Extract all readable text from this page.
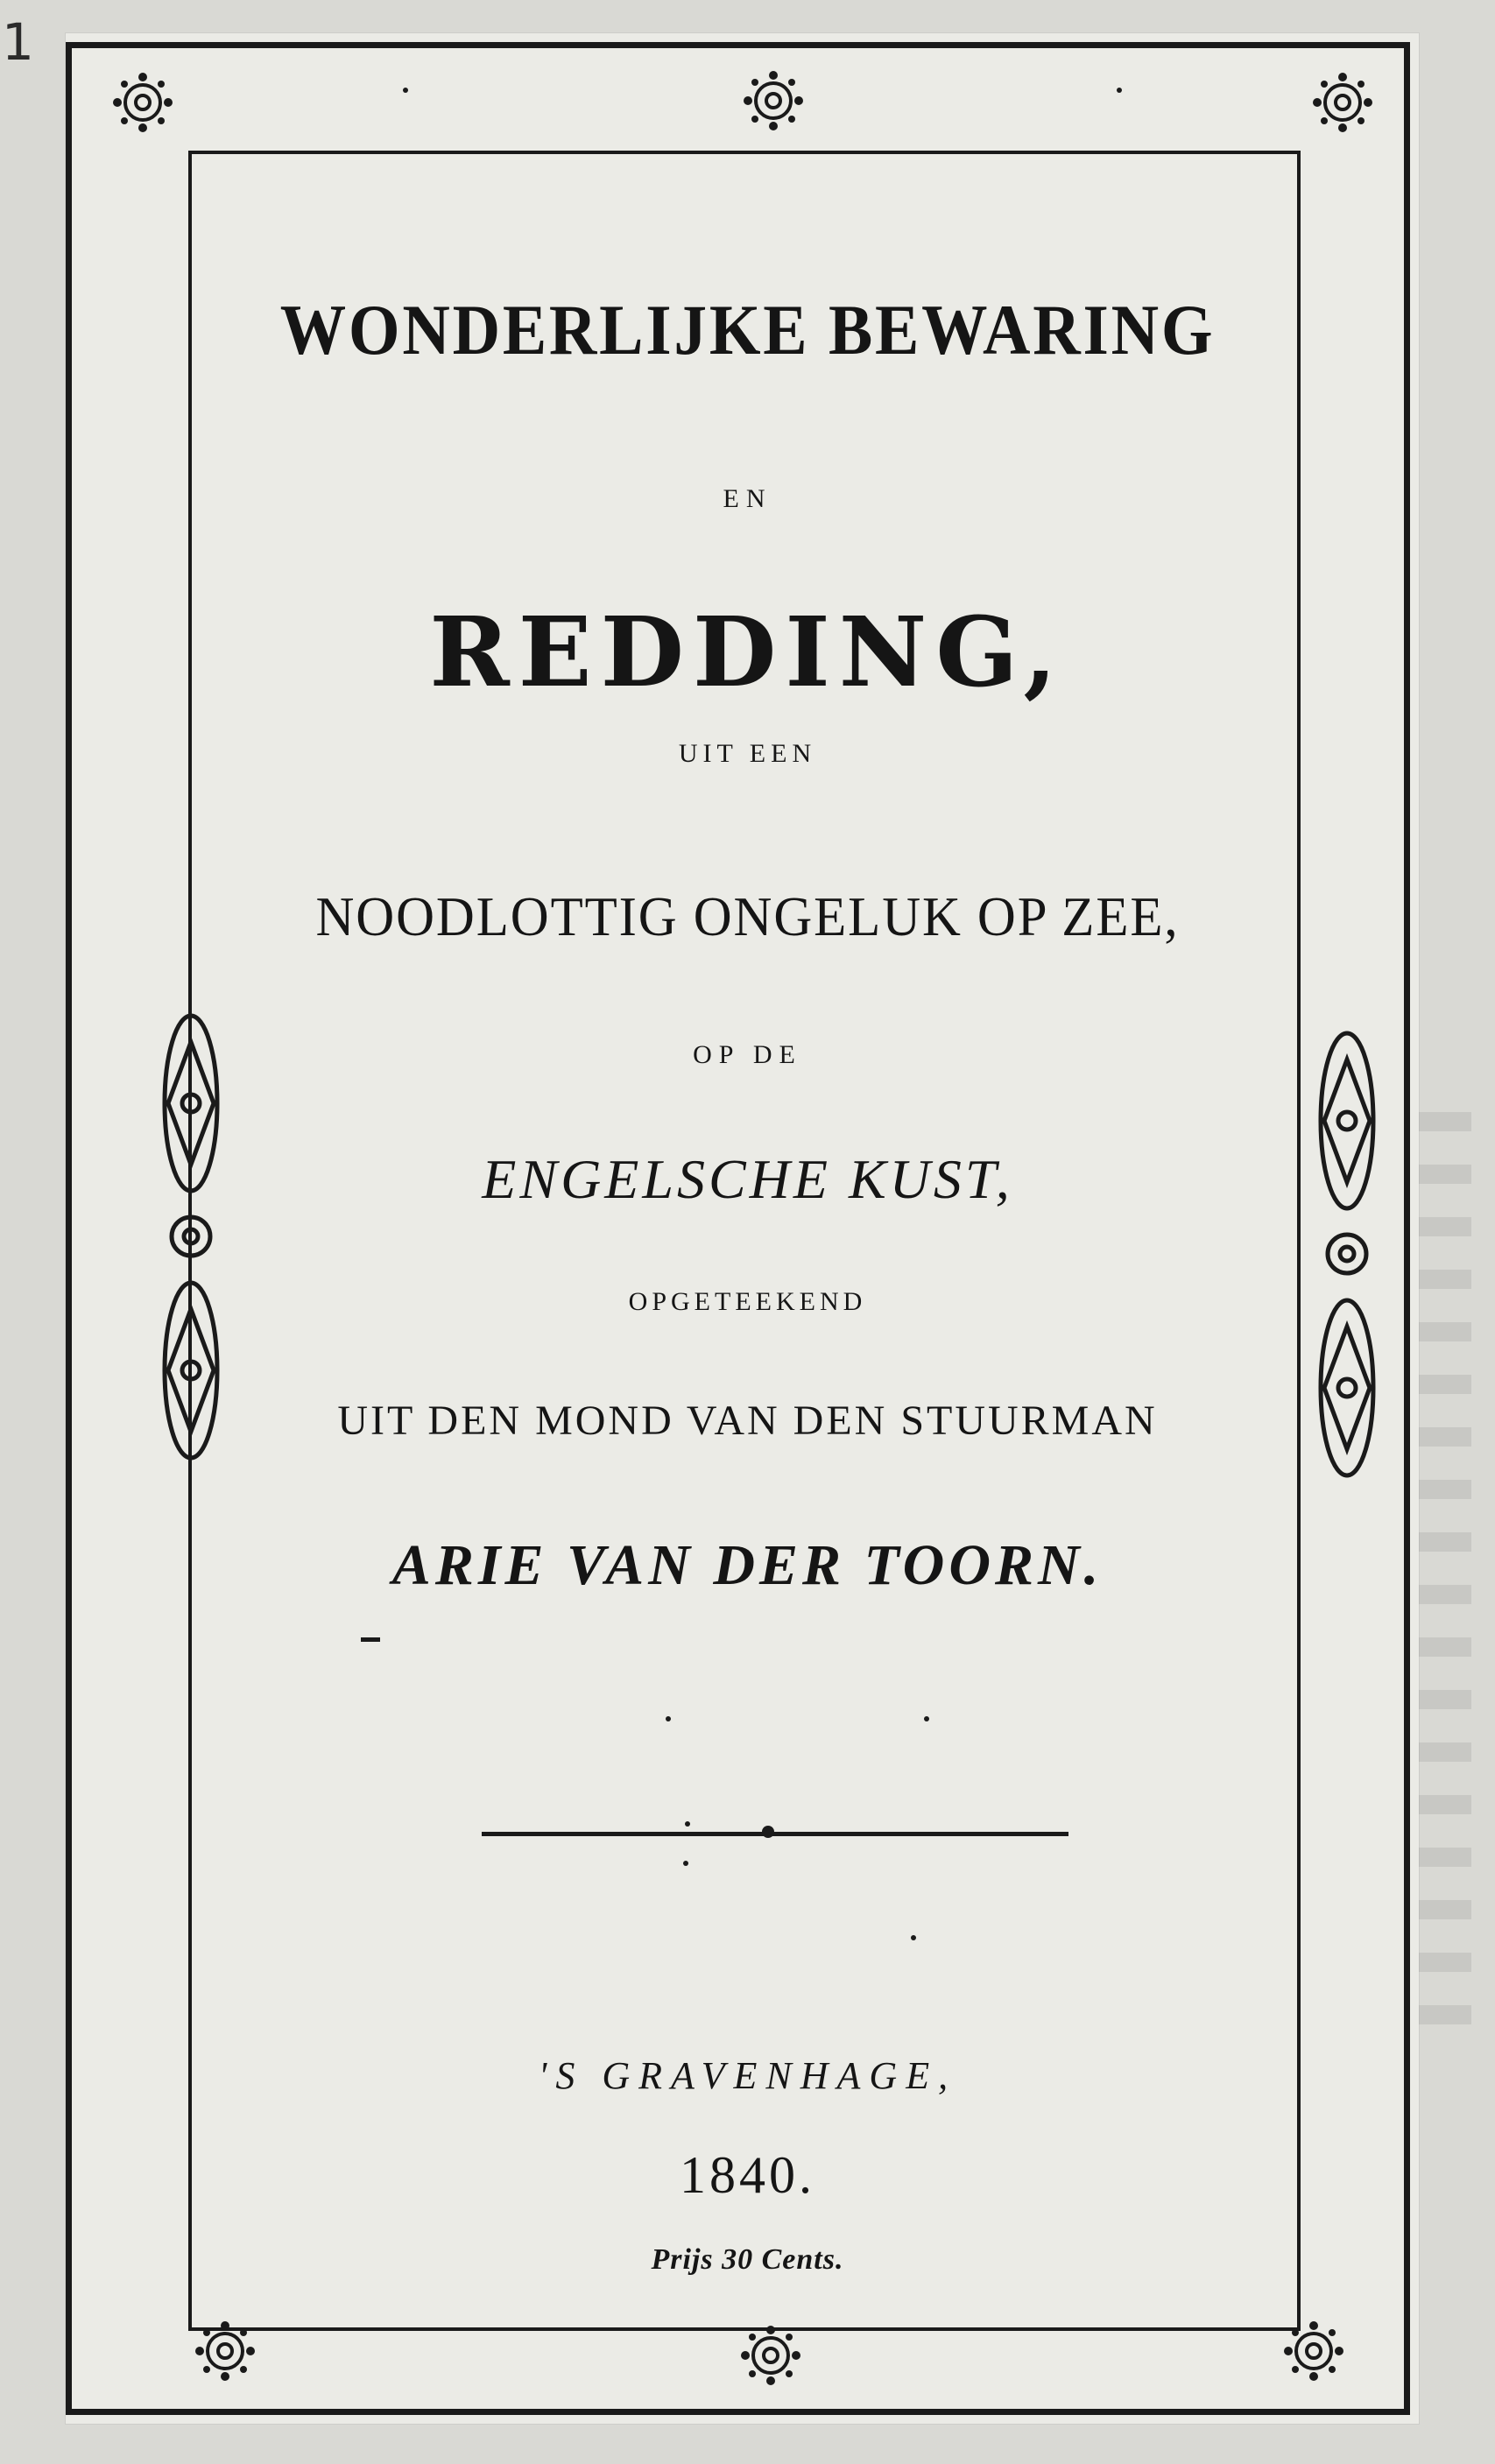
1
WONDERLIJKE BEWARING
EN
REDDING,
UIT EEN
NOODLOTTIG ONGELUK OP ZEE,
OP DE
ENGELSCHE KUST,
OPGETEEKEND
UIT DEN MOND VAN DEN STUURMAN
ARIE VAN DER TOORN.
'S GRAVENHAGE,
1840.
Prijs 30 Cents.
